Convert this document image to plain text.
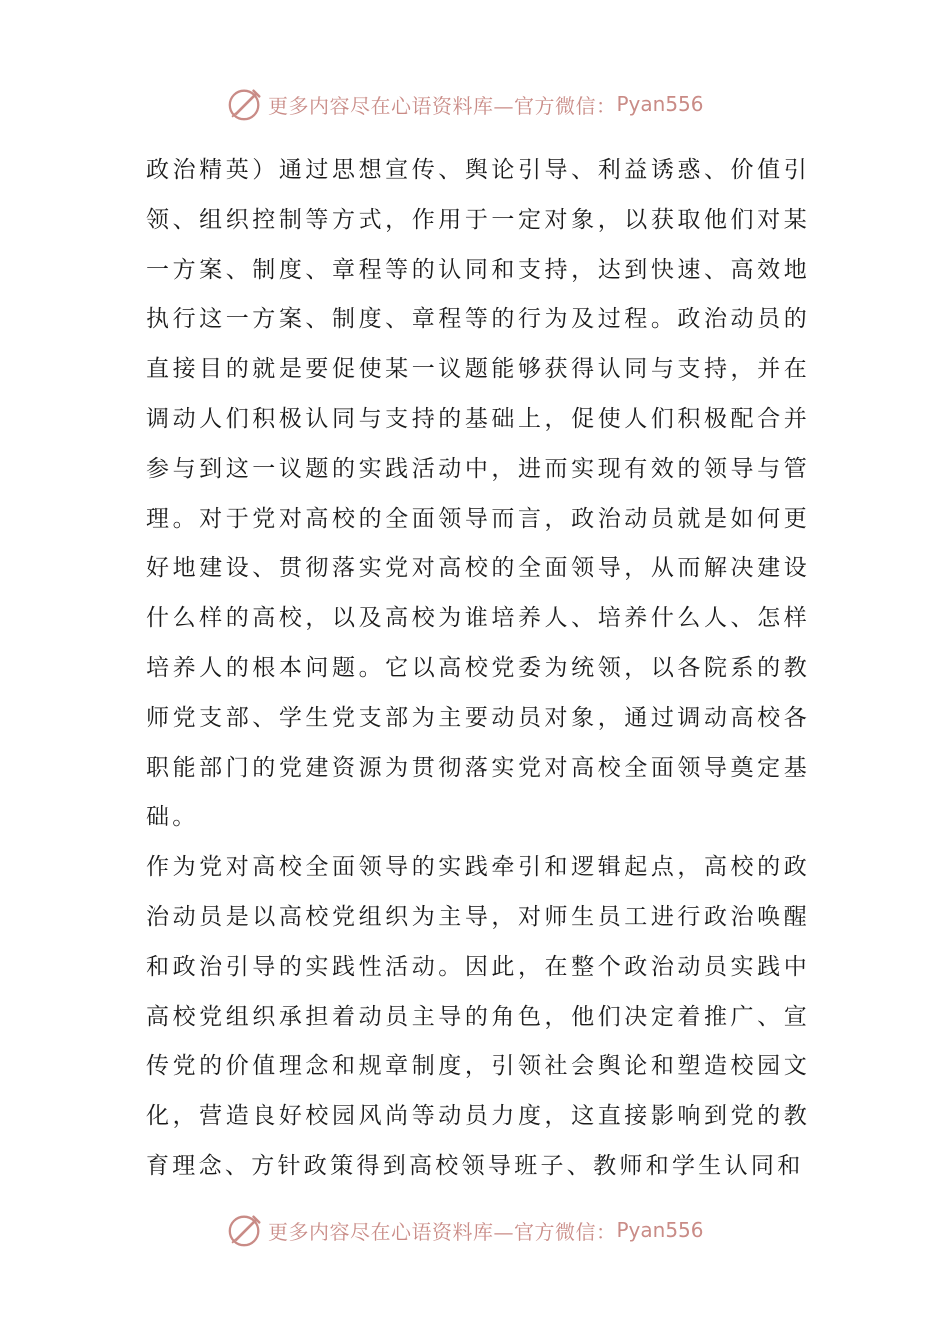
更多内容尽在心语资料库—官方微信： Pyan556

政治精英）通过思想宣传、舆论引导、利益诱惑、价值引领、组织控制等方式，作用于一定对象，以获取他们对某一方案、制度、章程等的认同和支持，达到快速、高效地执行这一方案、制度、章程等的行为及过程。政治动员的直接目的就是要促使某一议题能够获得认同与支持，并在调动人们积极认同与支持的基础上，促使人们积极配合并参与到这一议题的实践活动中，进而实现有效的领导与管理。对于党对高校的全面领导而言，政治动员就是如何更好地建设、贯彻落实党对高校的全面领导，从而解决建设什么样的高校，以及高校为谁培养人、培养什么人、怎样培养人的根本问题。它以高校党委为统领，以各院系的教师党支部、学生党支部为主要动员对象，通过调动高校各职能部门的党建资源为贯彻落实党对高校全面领导奠定基础。

作为党对高校全面领导的实践牵引和逻辑起点，高校的政治动员是以高校党组织为主导，对师生员工进行政治唤醒和政治引导的实践性活动。因此，在整个政治动员实践中高校党组织承担着动员主导的角色，他们决定着推广、宣传党的价值理念和规章制度，引领社会舆论和塑造校园文化，营造良好校园风尚等动员力度，这直接影响到党的教育理念、方针政策得到高校领导班子、教师和学生认同和

更多内容尽在心语资料库—官方微信： Pyan556
